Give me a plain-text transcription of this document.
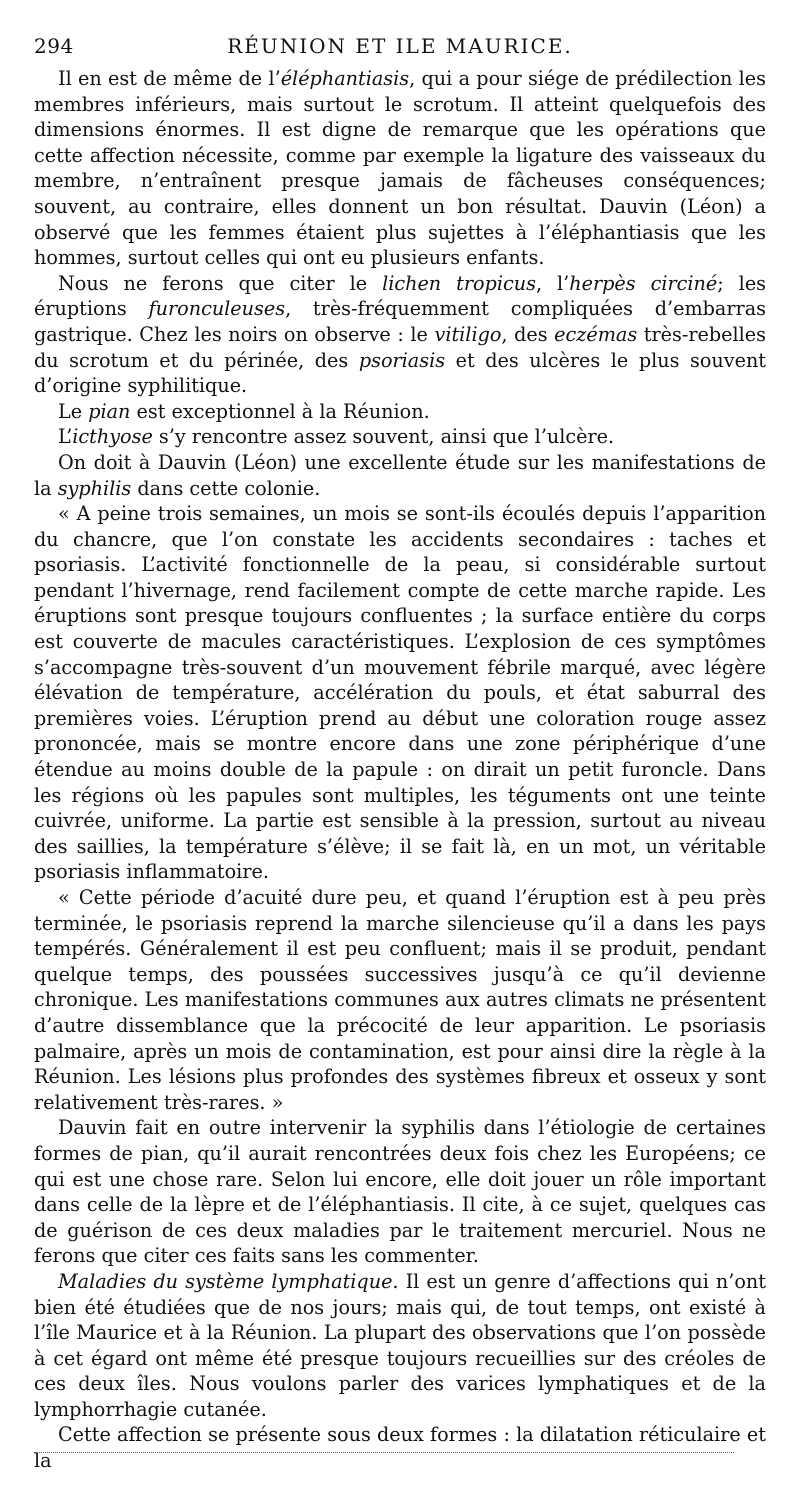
294	RÉUNION ET ILE MAURICE.

Il en est de même de l’éléphantiasis, qui a pour siége de prédilection les membres inférieurs, mais surtout le scrotum. Il atteint quelquefois des dimensions énormes. Il est digne de remarque que les opérations que cette affection nécessite, comme par exemple la ligature des vaisseaux du membre, n’entraînent presque jamais de fâcheuses conséquences; souvent, au contraire, elles donnent un bon résultat. Dauvin (Léon) a observé que les femmes étaient plus sujettes à l’éléphantiasis que les hommes, surtout celles qui ont eu plusieurs enfants.

Nous ne ferons que citer le lichen tropicus, l’herpès circiné; les éruptions furonculeuses, très-fréquemment compliquées d’embarras gastrique. Chez les noirs on observe : le vitiligo, des eczémas très-rebelles du scrotum et du périnée, des psoriasis et des ulcères le plus souvent d’origine syphilitique.

Le pian est exceptionnel à la Réunion.

L’icthyose s’y rencontre assez souvent, ainsi que l’ulcère.

On doit à Dauvin (Léon) une excellente étude sur les manifestations de la syphilis dans cette colonie.

« A peine trois semaines, un mois se sont-ils écoulés depuis l’apparition du chancre, que l’on constate les accidents secondaires : taches et psoriasis. L’activité fonctionnelle de la peau, si considérable surtout pendant l’hivernage, rend facilement compte de cette marche rapide. Les éruptions sont presque toujours confluentes ; la surface entière du corps est couverte de macules caractéristiques. L’explosion de ces symptômes s’accompagne très-souvent d’un mouvement fébrile marqué, avec légère élévation de température, accélération du pouls, et état saburral des premières voies. L’éruption prend au début une coloration rouge assez prononcée, mais se montre encore dans une zone périphérique d’une étendue au moins double de la papule : on dirait un petit furoncle. Dans les régions où les papules sont multiples, les téguments ont une teinte cuivrée, uniforme. La partie est sensible à la pression, surtout au niveau des saillies, la température s’élève; il se fait là, en un mot, un véritable psoriasis inflammatoire.

« Cette période d’acuité dure peu, et quand l’éruption est à peu près terminée, le psoriasis reprend la marche silencieuse qu’il a dans les pays tempérés. Généralement il est peu confluent; mais il se produit, pendant quelque temps, des poussées successives jusqu’à ce qu’il devienne chronique. Les manifestations communes aux autres climats ne présentent d’autre dissemblance que la précocité de leur apparition. Le psoriasis palmaire, après un mois de contamination, est pour ainsi dire la règle à la Réunion. Les lésions plus profondes des systèmes fibreux et osseux y sont relativement très-rares. »

Dauvin fait en outre intervenir la syphilis dans l’étiologie de certaines formes de pian, qu’il aurait rencontrées deux fois chez les Européens; ce qui est une chose rare. Selon lui encore, elle doit jouer un rôle important dans celle de la lèpre et de l’éléphantiasis. Il cite, à ce sujet, quelques cas de guérison de ces deux maladies par le traitement mercuriel. Nous ne ferons que citer ces faits sans les commenter.

Maladies du système lymphatique. Il est un genre d’affections qui n’ont bien été étudiées que de nos jours; mais qui, de tout temps, ont existé à l’île Maurice et à la Réunion. La plupart des observations que l’on possède à cet égard ont même été presque toujours recueillies sur des créoles de ces deux îles. Nous voulons parler des varices lymphatiques et de la lymphorrhagie cutanée.

Cette affection se présente sous deux formes : la dilatation réticulaire et la
